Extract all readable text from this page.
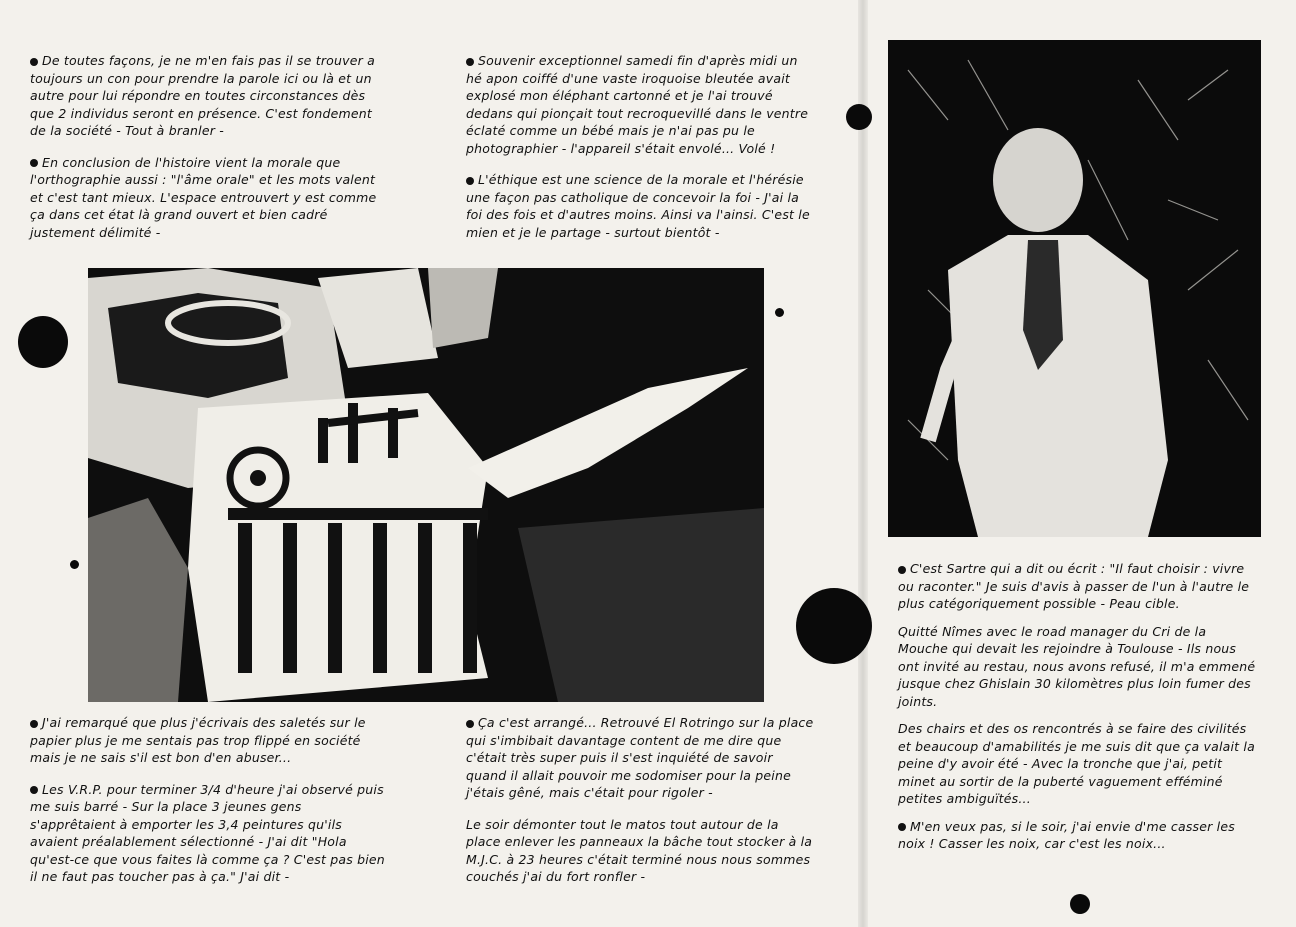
De toutes façons, je ne m'en fais pas il se trouver a toujours un con pour prendre la parole ici ou là et un autre pour lui répondre en toutes circonstances dès que 2 individus seront en présence. C'est fondement de la société - Tout à branler -

En conclusion de l'histoire vient la morale que l'orthographie aussi : "l'âme orale" et les mots valent et c'est tant mieux. L'espace entrouvert y est comme ça dans cet état là grand ouvert et bien cadré justement délimité -

Souvenir exceptionnel samedi fin d'après midi un hé apon coiffé d'une vaste iroquoise bleutée avait explosé mon éléphant cartonné et je l'ai trouvé dedans qui pionçait tout recroquevillé dans le ventre éclaté comme un bébé mais je n'ai pas pu le photographier - l'appareil s'était envolé... Volé !

L'éthique est une science de la morale et l'hérésie une façon pas catholique de concevoir la foi - J'ai la foi des fois et d'autres moins. Ainsi va l'ainsi. C'est le mien et je le partage - surtout bientôt -

J'ai remarqué que plus j'écrivais des saletés sur le papier plus je me sentais pas trop flippé en société mais je ne sais s'il est bon d'en abuser...

Les V.R.P. pour terminer 3/4 d'heure j'ai observé puis me suis barré - Sur la place 3 jeunes gens s'apprêtaient à emporter les 3,4 peintures qu'ils avaient préalablement sélectionné - J'ai dit "Hola qu'est-ce que vous faites là comme ça ? C'est pas bien il ne faut pas toucher pas à ça." J'ai dit -

Ça c'est arrangé... Retrouvé El Rotringo sur la place qui s'imbibait davantage content de me dire que c'était très super puis il s'est inquiété de savoir quand il allait pouvoir me sodomiser pour la peine j'étais gêné, mais c'était pour rigoler -

Le soir démonter tout le matos tout autour de la place enlever les panneaux la bâche tout stocker à la M.J.C. à 23 heures c'était terminé nous nous sommes couchés j'ai du fort ronfler -

C'est Sartre qui a dit ou écrit : "Il faut choisir : vivre ou raconter." Je suis d'avis à passer de l'un à l'autre le plus catégoriquement possible - Peau cible.

Quitté Nîmes avec le road manager du Cri de la Mouche qui devait les rejoindre à Toulouse - Ils nous ont invité au restau, nous avons refusé, il m'a emmené jusque chez Ghislain 30 kilomètres plus loin fumer des joints.

Des chairs et des os rencontrés à se faire des civilités et beaucoup d'amabilités je me suis dit que ça valait la peine d'y avoir été - Avec la tronche que j'ai, petit minet au sortir de la puberté vaguement efféminé petites ambiguïtés...

M'en veux pas, si le soir, j'ai envie d'me casser les noix ! Casser les noix, car c'est les noix...
